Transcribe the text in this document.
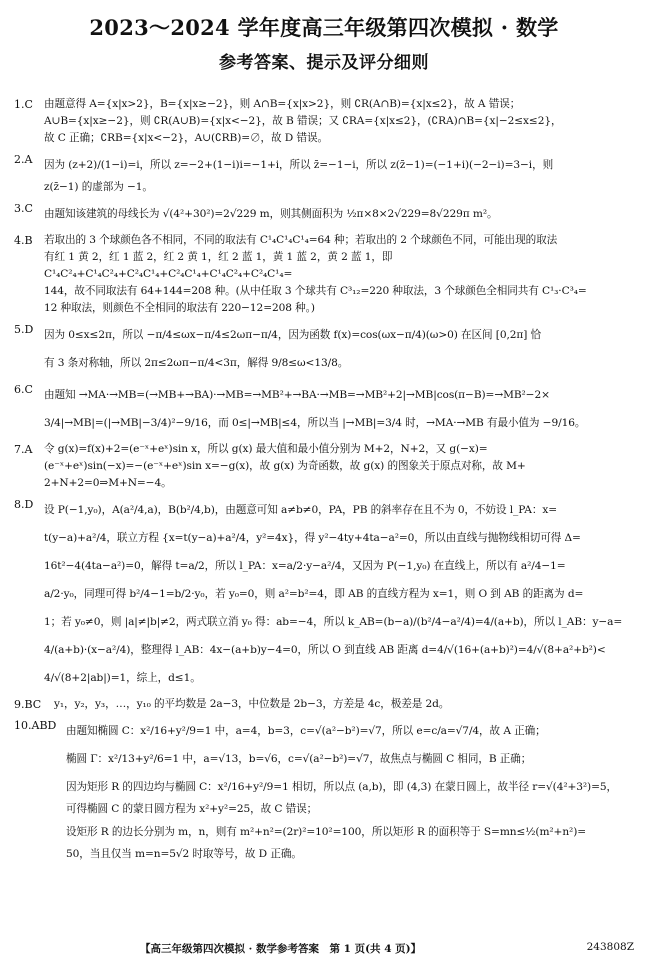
2023～2024 学年度高三年级第四次模拟 · 数学
参考答案、提示及评分细则
1.C	由题意得 A={x|x>2}，B={x|x≥−2}，则 A∩B={x|x>2}，则 ∁R(A∩B)={x|x≤2}，故 A 错误；
A∪B={x|x≥−2}，则 ∁R(A∪B)={x|x<−2}，故 B 错误；又 ∁RA={x|x≤2}，(∁RA)∩B={x|−2≤x≤2}，
故 C 正确；∁RB={x|x<−2}，A∪(∁RB)=∅，故 D 错误。
2.A	因为 (z+2)/(1−i)=i，所以 z=−2+(1−i)i=−1+i，所以 z̄=−1−i，所以 z(z̄−1)=(−1+i)(−2−i)=3−i，则
z(z̄−1) 的虚部为 −1。
3.C	由题知该建筑的母线长为 √(4²+30²)=2√229 m，则其侧面积为 ½π×8×2√229=8√229π m²。
4.B	若取出的 3 个球颜色各不相同，不同的取法有 C¹₄C¹₄C¹₄=64 种；若取出的 2 个球颜色不同，可能出现的取法
有红 1 黄 2，红 1 蓝 2，红 2 黄 1，红 2 蓝 1，黄 1 蓝 2，黄 2 蓝 1，即 C¹₄C²₄+C¹₄C²₄+C²₄C¹₄+C²₄C¹₄+C¹₄C²₄+C²₄C¹₄=
144，故不同取法有 64+144=208 种。(从中任取 3 个球共有 C³₁₂=220 种取法，3 个球颜色全相同共有 C¹₃·C³₄=
12 种取法，则颜色不全相同的取法有 220−12=208 种。)
5.D	因为 0≤x≤2π，所以 −π/4≤ωx−π/4≤2ωπ−π/4，因为函数 f(x)=cos(ωx−π/4)(ω>0) 在区间 [0,2π] 恰
有 3 条对称轴，所以 2π≤2ωπ−π/4<3π，解得 9/8≤ω<13/8。
6.C	由题知 →MA·→MB=(→MB+→BA)·→MB=→MB²+→BA·→MB=→MB²+2|→MB|cos(π−B)=→MB²−2×
3/4|→MB|=(|→MB|−3/4)²−9/16，而 0≤|→MB|≤4，所以当 |→MB|=3/4 时，→MA·→MB 有最小值为 −9/16。
7.A	令 g(x)=f(x)+2=(e⁻ˣ+eˣ)sin x，所以 g(x) 最大值和最小值分别为 M+2，N+2，又 g(−x)=
(e⁻ˣ+eˣ)sin(−x)=−(e⁻ˣ+eˣ)sin x=−g(x)，故 g(x) 为奇函数，故 g(x) 的图象关于原点对称，故 M+
2+N+2=0⇒M+N=−4。
8.D	设 P(−1,y₀)，A(a²/4,a)，B(b²/4,b)，由题意可知 a≠b≠0，PA，PB 的斜率存在且不为 0，不妨设 l_PA：x=
t(y−a)+a²/4，联立方程 {x=t(y−a)+a²/4，y²=4x}，得 y²−4ty+4ta−a²=0，所以由直线与抛物线相切可得 Δ=
16t²−4(4ta−a²)=0，解得 t=a/2，所以 l_PA：x=a/2·y−a²/4，又因为 P(−1,y₀) 在直线上，所以有 a²/4−1=
a/2·y₀，同理可得 b²/4−1=b/2·y₀，若 y₀=0，则 a²=b²=4，即 AB 的直线方程为 x=1，则 O 到 AB 的距离为 d=
1；若 y₀≠0，则 |a|≠|b|≠2，两式联立消 y₀ 得：ab=−4，所以 k_AB=(b−a)/(b²/4−a²/4)=4/(a+b)，所以 l_AB：y−a=
4/(a+b)·(x−a²/4)，整理得 l_AB：4x−(a+b)y−4=0，所以 O 到直线 AB 距离 d=4/√(16+(a+b)²)=4/√(8+a²+b²)<
4/√(8+2|ab|)=1，综上，d≤1。
9.BC	y₁，y₂，y₃，…，y₁₀ 的平均数是 2a−3，中位数是 2b−3，方差是 4c，极差是 2d。
10.ABD 由题知椭圆 C：x²/16+y²/9=1 中，a=4，b=3，c=√(a²−b²)=√7，所以 e=c/a=√7/4，故 A 正确；
椭圆 Γ：x²/13+y²/6=1 中，a=√13，b=√6，c=√(a²−b²)=√7，故焦点与椭圆 C 相同，B 正确；
因为矩形 R 的四边均与椭圆 C：x²/16+y²/9=1 相切，所以点 (a,b)，即 (4,3) 在蒙日圆上，故半径 r=√(4²+3²)=5，
可得椭圆 C 的蒙日圆方程为 x²+y²=25，故 C 错误；
设矩形 R 的边长分别为 m，n，则有 m²+n²=(2r)²=10²=100，所以矩形 R 的面积等于 S=mn≤½(m²+n²)=
50，当且仅当 m=n=5√2 时取等号，故 D 正确。
【高三年级第四次模拟 · 数学参考答案　第 1 页(共 4 页)】	243808Z
